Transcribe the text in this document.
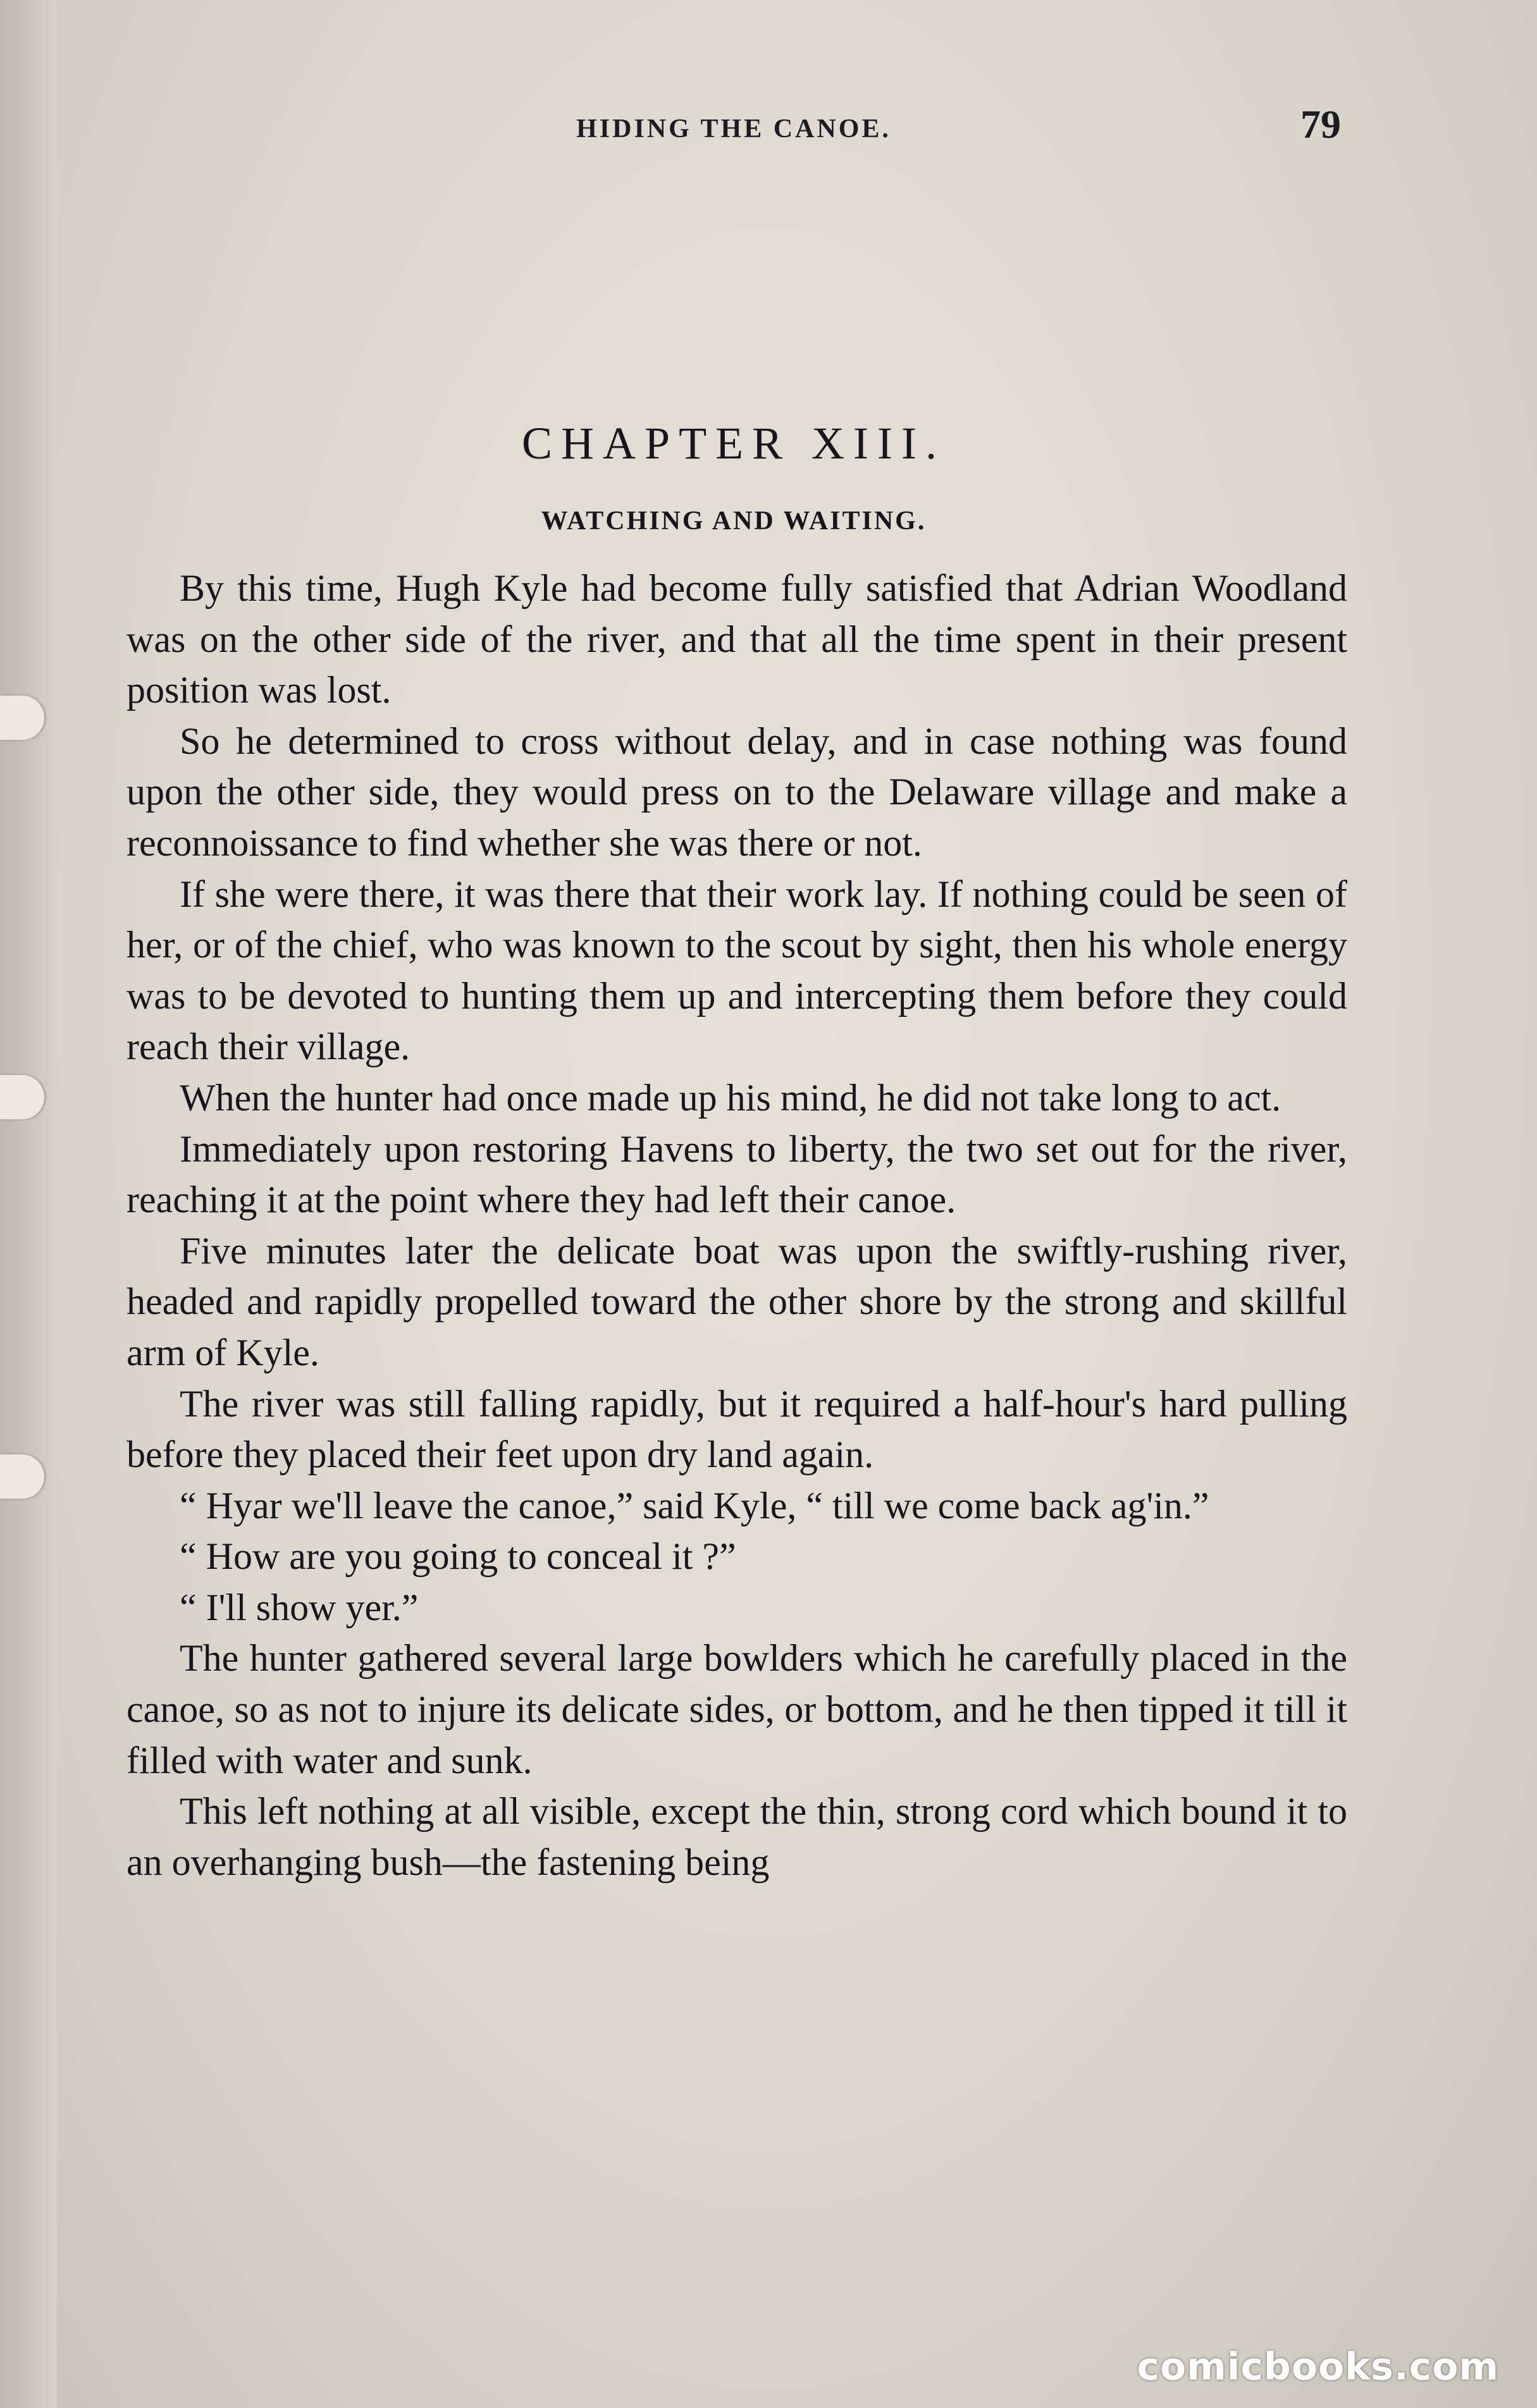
HIDING THE CANOE.	79
CHAPTER XIII.
WATCHING AND WAITING.

By this time, Hugh Kyle had become fully satisfied that Adrian Woodland was on the other side of the river, and that all the time spent in their present position was lost.

So he determined to cross without delay, and in case nothing was found upon the other side, they would press on to the Delaware village and make a reconnoissance to find whether she was there or not.

If she were there, it was there that their work lay. If nothing could be seen of her, or of the chief, who was known to the scout by sight, then his whole energy was to be devoted to hunting them up and intercepting them before they could reach their village.

When the hunter had once made up his mind, he did not take long to act.

Immediately upon restoring Havens to liberty, the two set out for the river, reaching it at the point where they had left their canoe.

Five minutes later the delicate boat was upon the swiftly-rushing river, headed and rapidly propelled toward the other shore by the strong and skillful arm of Kyle.

The river was still falling rapidly, but it required a half-hour's hard pulling before they placed their feet upon dry land again.

“ Hyar we'll leave the canoe,” said Kyle, “ till we come back ag'in.”

“ How are you going to conceal it ?”

“ I'll show yer.”

The hunter gathered several large bowlders which he carefully placed in the canoe, so as not to injure its delicate sides, or bottom, and he then tipped it till it filled with water and sunk.

This left nothing at all visible, except the thin, strong cord which bound it to an overhanging bush—the fastening being

comicbooks.com
